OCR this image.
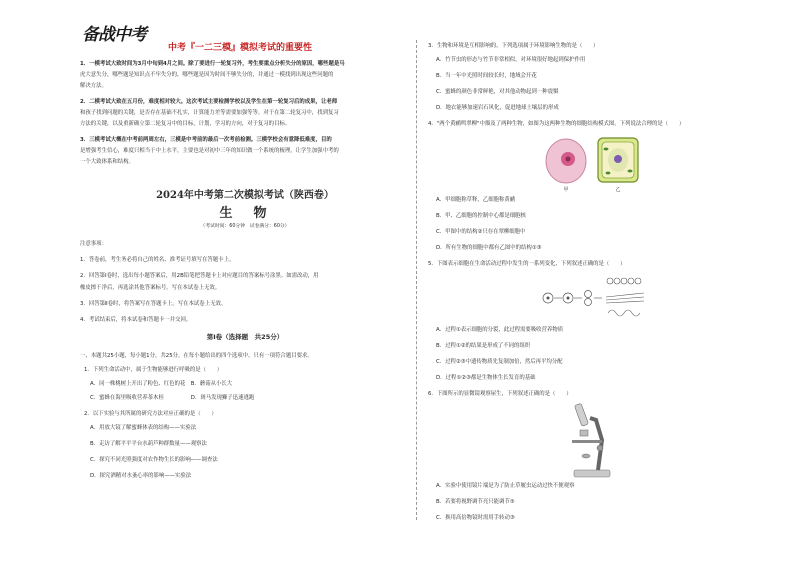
备战中考
中考『一二三模』模拟考试的重要性
1．一模考试大致时间为3月中旬到4月之间。除了要进行一轮复习外，考生要重点分析失分的原因，哪些题是马
虎大意失分，哪些题是知识点不牢失分的，哪些题是因为时间不够失分的，并通过一模找到出现这些问题的
解决方法。
2．二模考试大致在五月份，难度相对较大。这次考试主要检测学校以及学生在第一轮复习后的成果，让老师
和孩子找到问题的关键，是否存在基础不扎实，计算能力差等需要加强等等。对于在第二轮复习中，找到复习
方法的关键，以及重新确立第二轮复习中的目标，计划，学习的方向，对于复习的目标。
3．三模考试大概在中考前两周左右，三模是中考前的最后一次考前检测。三模学校会有意降低难度，目的
是增强考生信心，难度只相当于中上水平，主要也是对初中三年的知识做一个系统的梳理，让学生加强中考的
一个大致体系和结构。
2024年中考第二次模拟考试（陕西卷）
生　物
（考试时间：60分钟　试卷满分：60分）
注意事项：
1．答卷前，考生务必将自己的姓名、准考证号填写在答题卡上。
2．回答第Ⅰ卷时，选出每小题答案后，用2B铅笔把答题卡上对应题目的答案标号涂黑。如需改动，用
橡皮擦干净后，再选涂其他答案标号。写在本试卷上无效。
3．回答第Ⅱ卷时，将答案写在答题卡上。写在本试卷上无效。
4．考试结束后，将本试卷和答题卡一并交回。
第Ⅰ卷（选择题　共25分）
一、本题共25小题，每小题1分，共25分。在每小题给出的四个选项中，只有一项符合题目要求。
1．下列生命活动中，属于生物能够进行呼吸的是（　　）
A．同一株桃树上开出了粉色、红色的花　B．蘑菇从小长大
C．蜜蜂在海里吸收营养茶木桂　　　　　D．斑马发现狮子迅速逃跑
2．以下实验与其所属的研究方法对应正确的是（　　）
A．用放大镜了解蜜蜂体表的结构——实验法
B．走访了解平平平台水葫芦种群数量——观察法
C．探究不同光照强度对农作物生长的影响——调查法
D．探究酒精对水蚤心率的影响——实验法
3．生物和环境是互相影响的，下列选项属于环境影响生物的是（　　）
A．竹节虫的形态与竹节非常相似，对环境很好地起到保护作用
B．当一年中光照时间较长时，地域会开花
C．蜜蜂的颜色非常鲜艳，对其他动物起到一种震慑
D．地衣能够加速岩石风化，促进地球土壤层的形成
4．"两个黄鹂鸣翠柳"中描及了两种生物，如图为这两种生物的细胞结构模式图。下列说法合理的是（　　）
甲	乙
A．甲细胞称草释，乙细胞称黄鹂
B．甲、乙细胞的控制中心都是细胞核
C．甲图中的结构②只存在翠柳细胞中
D．所有生物的细胞中都有乙图中的结构①③
5．下图表示细胞在生命活动过程中发生的一系列变化，下列叙述正确的是（　　）
A．过程①表示细胞的分裂，此过程需要吸收营养物质
B．过程①②的结果是形成了不同的组织
C．过程②③中遗传物质先复制加倍，然后再平均分配
D．过程①②③都是生物体生长发育的基础
6．下图所示的显微镜观察屋生，下列叙述正确的是（　　）
A．实验中使用镜片端是为了防止草履虫运动过快不便观察
B．若要将视野调节亮只能调节⑤
C．换用高倍物镜时需用手转动③
